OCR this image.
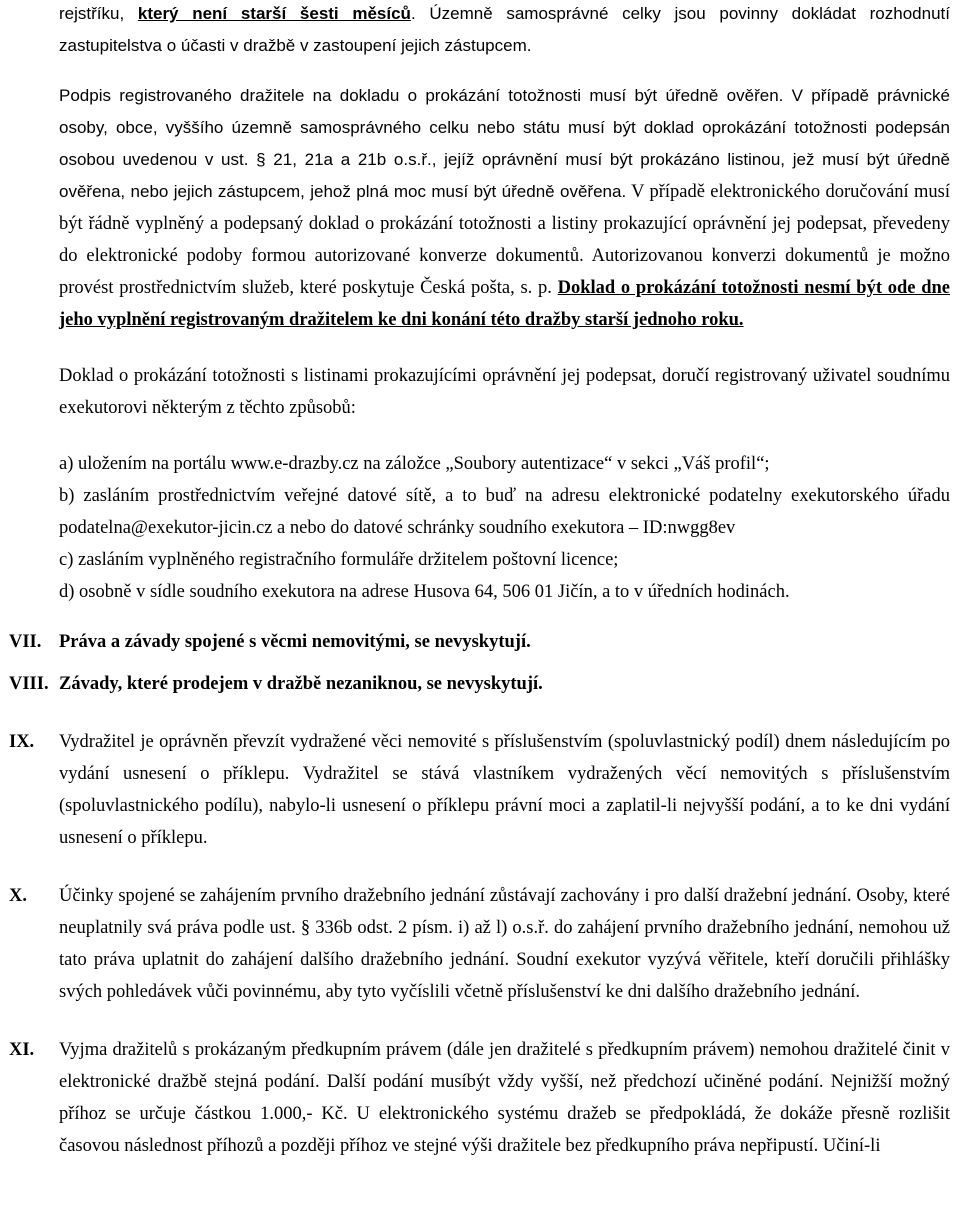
rejstříku, který není starší šesti měsíců. Územně samosprávné celky jsou povinny dokládat rozhodnutí zastupitelstva o účasti v dražbě v zastoupení jejich zástupcem.

Podpis registrovaného dražitele na dokladu o prokázání totožnosti musí být úředně ověřen. V případě právnické osoby, obce, vyššího územně samosprávného celku nebo státu musí být doklad oprokázání totožnosti podepsán osobou uvedenou v ust. § 21, 21a a 21b o.s.ř., jejíž oprávnění musí být prokázáno listinou, jež musí být úředně ověřena, nebo jejich zástupcem, jehož plná moc musí být úředně ověřena. V případě elektronického doručování musí být řádně vyplněný a podepsaný doklad o prokázání totožnosti a listiny prokazující oprávnění jej podepsat, převedeny do elektronické podoby formou autorizované konverze dokumentů. Autorizovanou konverzi dokumentů je možno provést prostřednictvím služeb, které poskytuje Česká pošta, s. p. Doklad o prokázání totožnosti nesmí být ode dne jeho vyplnění registrovaným dražitelem ke dni konání této dražby starší jednoho roku.

Doklad o prokázání totožnosti s listinami prokazujícími oprávnění jej podepsat, doručí registrovaný uživatel soudnímu exekutorovi některým z těchto způsobů:

a) uložením na portálu www.e-drazby.cz na záložce „Soubory autentizace“ v sekci „Váš profil“;

b) zasláním prostřednictvím veřejné datové sítě, a to buď na adresu elektronické podatelny exekutorského úřadu podatelna@exekutor-jicin.cz a nebo do datové schránky soudního exekutora – ID:nwgg8ev

c) zasláním vyplněného registračního formuláře držitelem poštovní licence;

d) osobně v sídle soudního exekutora na adrese Husova 64, 506 01 Jičín, a to v úředních hodinách.

VII. Práva a závady spojené s věcmi nemovitými, se nevyskytují.
VIII. Závady, které prodejem v dražbě nezaniknou, se nevyskytují.
IX. Vydražitel je oprávněn převzít vydražené věci nemovité s příslušenstvím (spoluvlastnický podíl) dnem následujícím po vydání usnesení o příklepu. Vydražitel se stává vlastníkem vydražených věcí nemovitých s příslušenstvím (spoluvlastnického podílu), nabylo-li usnesení o příklepu právní moci a zaplatil-li nejvyšší podání, a to ke dni vydání usnesení o příklepu.
X. Účinky spojené se zahájením prvního dražebního jednání zůstávají zachovány i pro další dražební jednání. Osoby, které neuplatnily svá práva podle ust. § 336b odst. 2 písm. i) až l) o.s.ř. do zahájení prvního dražebního jednání, nemohou už tato práva uplatnit do zahájení dalšího dražebního jednání. Soudní exekutor vyzývá věřitele, kteří doručili přihlášky svých pohledávek vůči povinnému, aby tyto vyčíslili včetně příslušenství ke dni dalšího dražebního jednání.
XI. Vyjma dražitelů s prokázaným předkupním právem (dále jen dražitelé s předkupním právem) nemohou dražitelé činit v elektronické dražbě stejná podání. Další podání musíbýt vždy vyšší, než předchozí učiněné podání. Nejnižší možný příhoz se určuje částkou 1.000,- Kč. U elektronického systému dražeb se předpokládá, že dokáže přesně rozlišit časovou následnost příhozů a později příhoz ve stejné výši dražitele bez předkupního práva nepřipustí. Učiní-li
